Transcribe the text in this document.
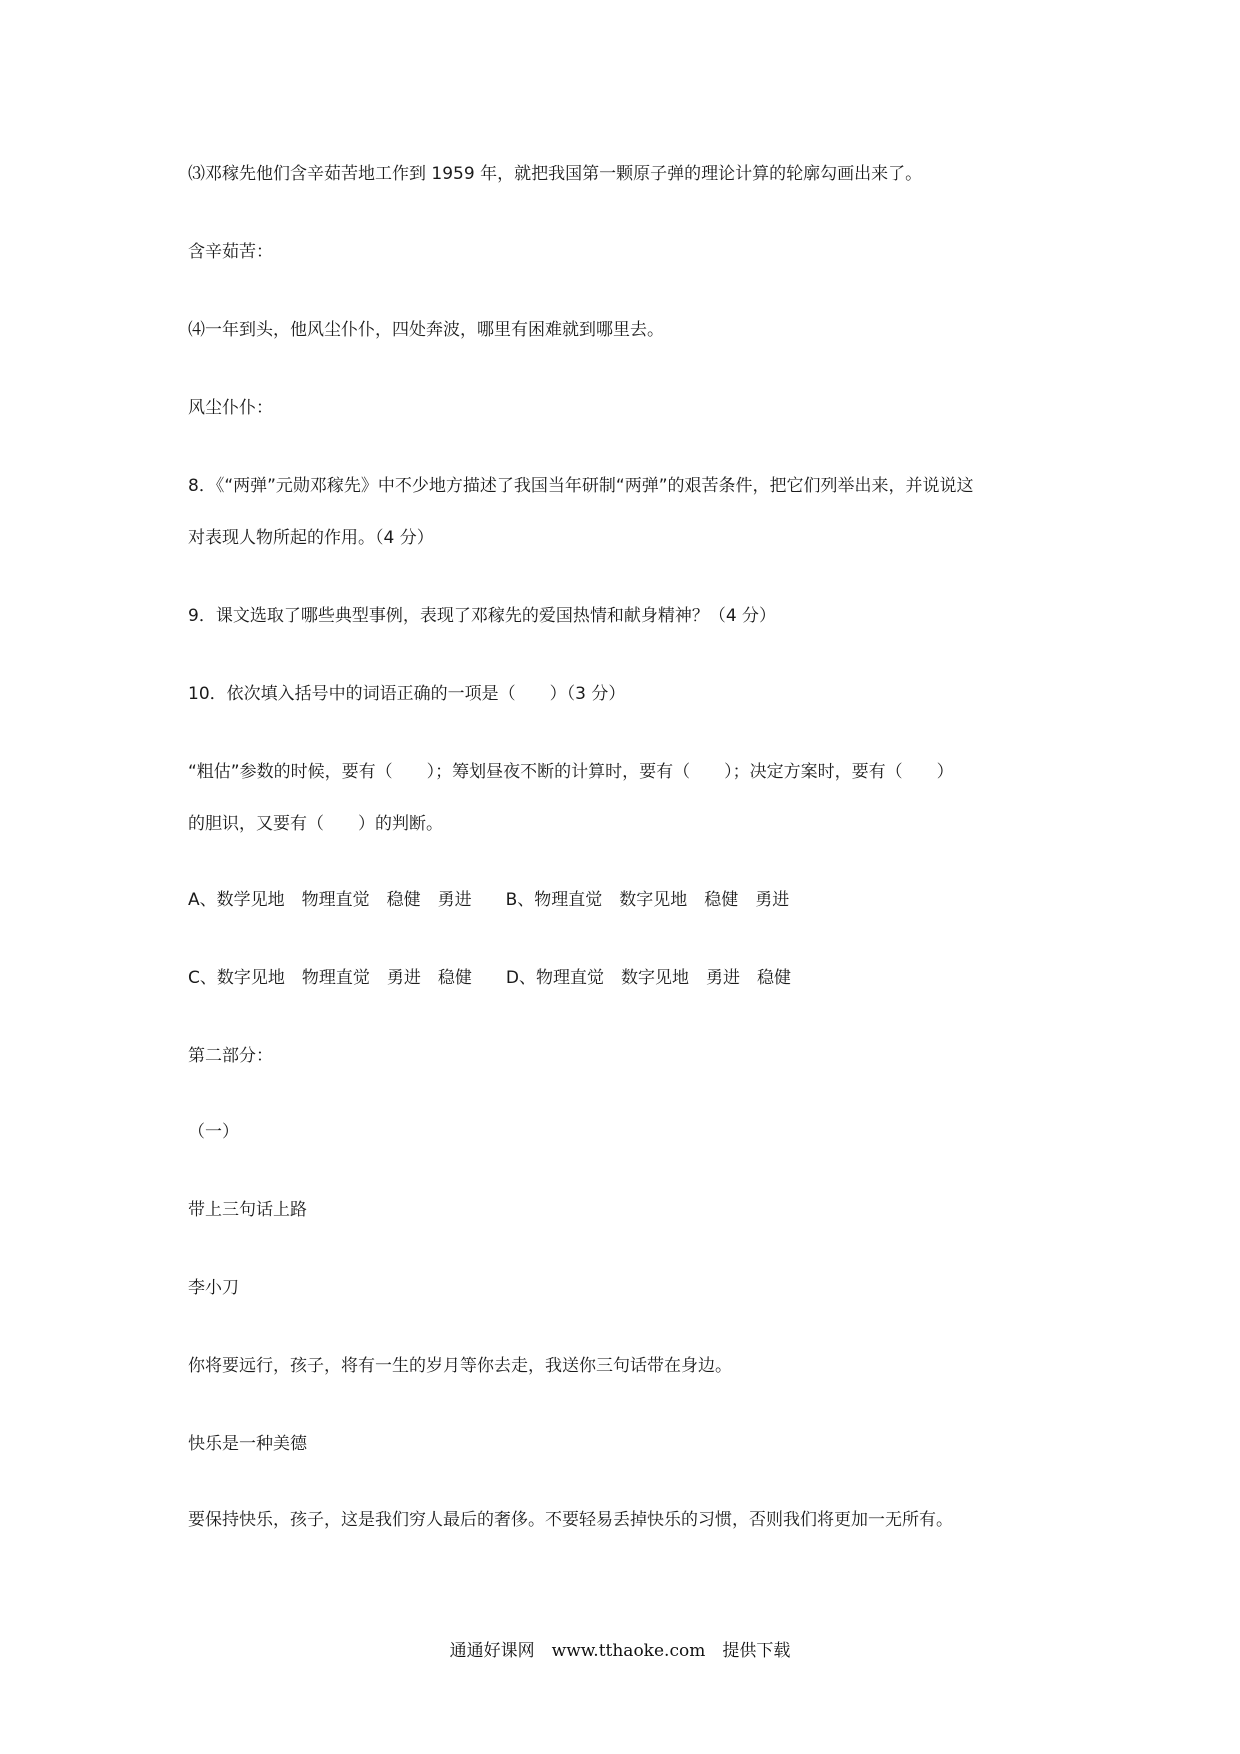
⑶邓稼先他们含辛茹苦地工作到 1959 年，就把我国第一颗原子弹的理论计算的轮廓勾画出来了。

含辛茹苦：

⑷一年到头，他风尘仆仆，四处奔波，哪里有困难就到哪里去。

风尘仆仆：

8．《“两弹”元勋邓稼先》中不少地方描述了我国当年研制“两弹”的艰苦条件，把它们列举出来，并说说这

对表现人物所起的作用。（4 分）

9．课文选取了哪些典型事例，表现了邓稼先的爱国热情和献身精神？（4 分）

10．依次填入括号中的词语正确的一项是（　　）（3 分）

“粗估”参数的时候，要有（　　）；筹划昼夜不断的计算时，要有（　　）；决定方案时，要有（　　）

的胆识，又要有（　　）的判断。

A、数学见地　物理直觉　稳健　勇进　　B、物理直觉　数字见地　稳健　勇进

C、数字见地　物理直觉　勇进　稳健　　D、物理直觉　数字见地　勇进　稳健

第二部分：

（一）

带上三句话上路

李小刀

你将要远行，孩子，将有一生的岁月等你去走，我送你三句话带在身边。

快乐是一种美德

要保持快乐，孩子，这是我们穷人最后的奢侈。不要轻易丢掉快乐的习惯，否则我们将更加一无所有。

通通好课网　www.tthaoke.com　提供下载
